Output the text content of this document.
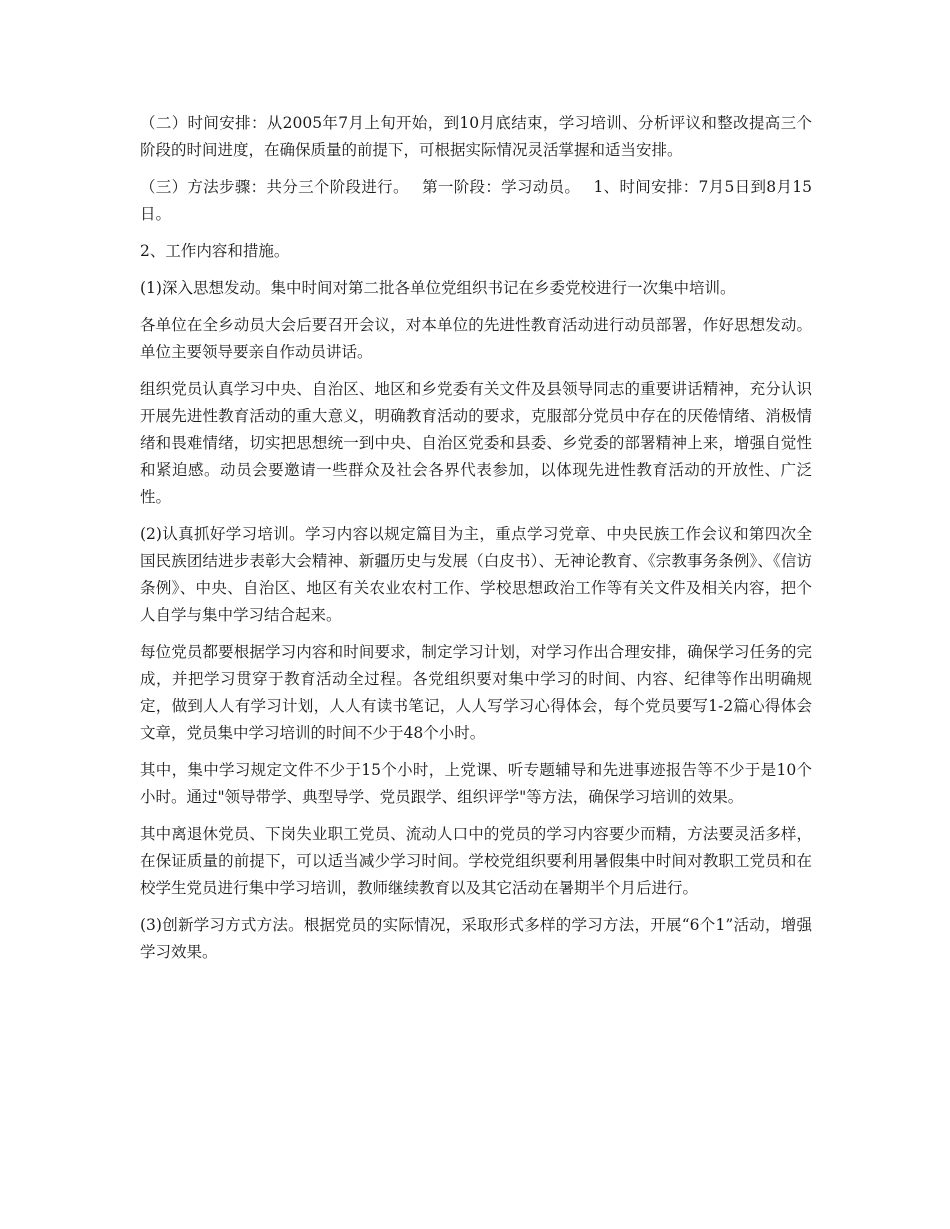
（二）时间安排：从2005年7月上旬开始，到10月底结束，学习培训、分析评议和整改提高三个阶段的时间进度，在确保质量的前提下，可根据实际情况灵活掌握和适当安排。

（三）方法步骤：共分三个阶段进行。　 第一阶段：学习动员。　 1、时间安排：7月5日到8月15日。

2、工作内容和措施。

(1)深入思想发动。集中时间对第二批各单位党组织书记在乡委党校进行一次集中培训。

各单位在全乡动员大会后要召开会议，对本单位的先进性教育活动进行动员部署，作好思想发动。单位主要领导要亲自作动员讲话。

组织党员认真学习中央、自治区、地区和乡党委有关文件及县领导同志的重要讲话精神，充分认识开展先进性教育活动的重大意义，明确教育活动的要求，克服部分党员中存在的厌倦情绪、消极情绪和畏难情绪，切实把思想统一到中央、自治区党委和县委、乡党委的部署精神上来，增强自觉性和紧迫感。动员会要邀请一些群众及社会各界代表参加，以体现先进性教育活动的开放性、广泛性。

(2)认真抓好学习培训。学习内容以规定篇目为主，重点学习党章、中央民族工作会议和第四次全国民族团结进步表彰大会精神、新疆历史与发展（白皮书）、无神论教育、《宗教事务条例》、《信访条例》、中央、自治区、地区有关农业农村工作、学校思想政治工作等有关文件及相关内容，把个人自学与集中学习结合起来。

每位党员都要根据学习内容和时间要求，制定学习计划，对学习作出合理安排，确保学习任务的完成，并把学习贯穿于教育活动全过程。各党组织要对集中学习的时间、内容、纪律等作出明确规定，做到人人有学习计划，人人有读书笔记，人人写学习心得体会，每个党员要写1-2篇心得体会文章，党员集中学习培训的时间不少于48个小时。

其中，集中学习规定文件不少于15个小时，上党课、听专题辅导和先进事迹报告等不少于是10个小时。通过"领导带学、典型导学、党员跟学、组织评学"等方法，确保学习培训的效果。

其中离退休党员、下岗失业职工党员、流动人口中的党员的学习内容要少而精，方法要灵活多样，在保证质量的前提下，可以适当减少学习时间。学校党组织要利用暑假集中时间对教职工党员和在校学生党员进行集中学习培训，教师继续教育以及其它活动在暑期半个月后进行。

(3)创新学习方式方法。根据党员的实际情况，采取形式多样的学习方法，开展“6个1”活动，增强学习效果。
